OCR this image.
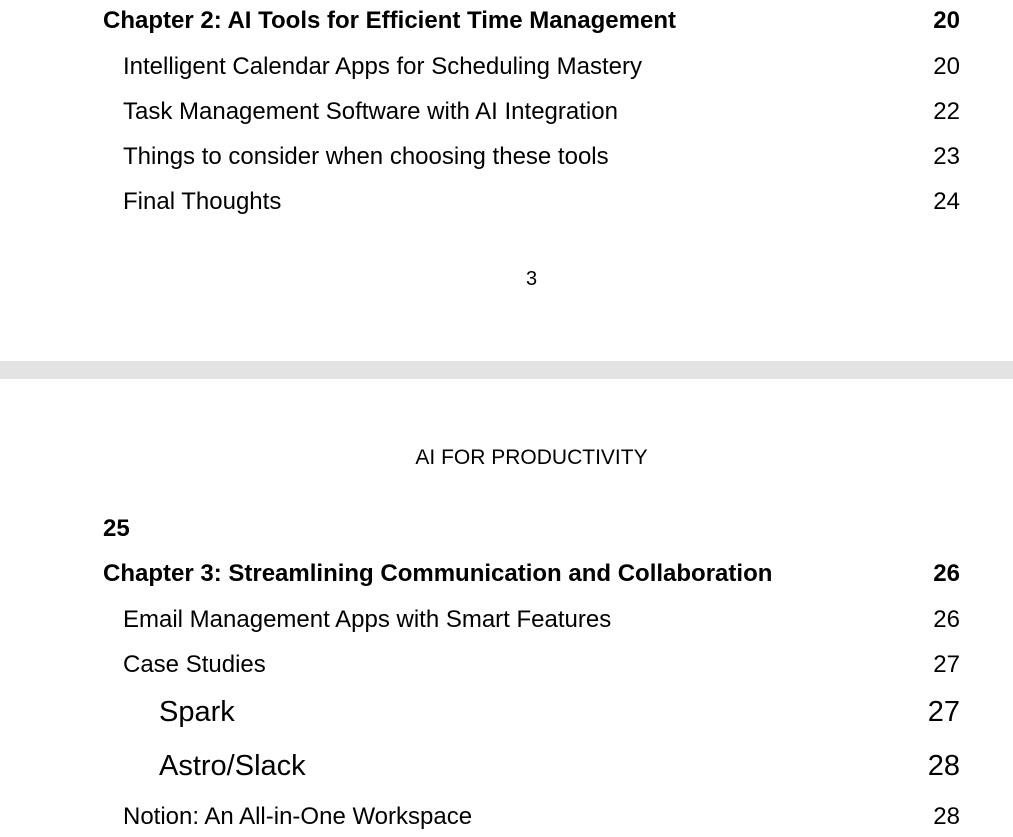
Chapter 2: AI Tools for Efficient Time Management	20
Intelligent Calendar Apps for Scheduling Mastery	20
Task Management Software with AI Integration	22
Things to consider when choosing these tools	23
Final Thoughts	24
3
AI FOR PRODUCTIVITY
25
Chapter 3: Streamlining Communication and Collaboration	26
Email Management Apps with Smart Features	26
Case Studies	27
Spark	27
Astro/Slack	28
Notion: An All-in-One Workspace	28
